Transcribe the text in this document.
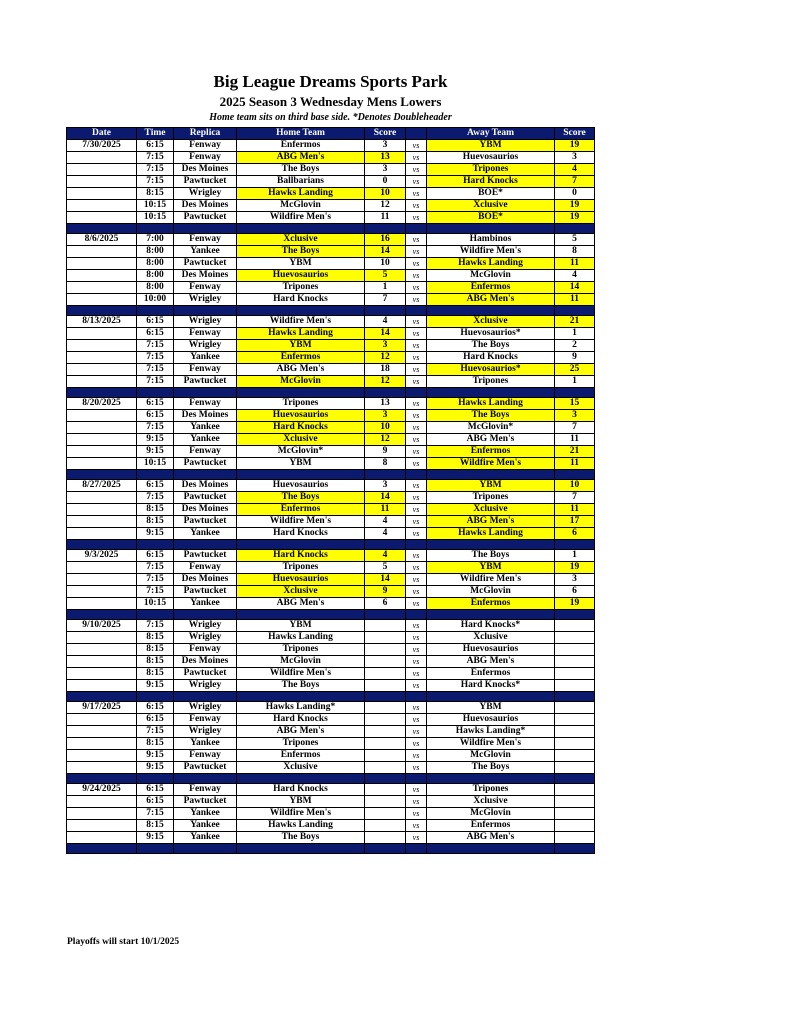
Big League Dreams Sports Park
2025 Season 3 Wednesday Mens Lowers
Home team sits on third base side. *Denotes Doubleheader
Date	Time	Replica	Home Team	Score		Away Team	Score
7/30/2025	6:15	Fenway	Enfermos	3	vs	YBM	19
	7:15	Fenway	ABG Men's	13	vs	Huevosaurios	3
	7:15	Des Moines	The Boys	3	vs	Tripones	4
	7:15	Pawtucket	Ballbarians	0	vs	Hard Knocks	7
	8:15	Wrigley	Hawks Landing	10	vs	BOE*	0
	10:15	Des Moines	McGlovin	12	vs	Xclusive	19
	10:15	Pawtucket	Wildfire Men's	11	vs	BOE*	19

8/6/2025	7:00	Fenway	Xclusive	16	vs	Hambinos	5
	8:00	Yankee	The Boys	14	vs	Wildfire Men's	8
	8:00	Pawtucket	YBM	10	vs	Hawks Landing	11
	8:00	Des Moines	Huevosaurios	5	vs	McGlovin	4
	8:00	Fenway	Tripones	1	vs	Enfermos	14
	10:00	Wrigley	Hard Knocks	7	vs	ABG Men's	11

8/13/2025	6:15	Wrigley	Wildfire Men's	4	vs	Xclusive	21
	6:15	Fenway	Hawks Landing	14	vs	Huevosaurios*	1
	7:15	Wrigley	YBM	3	vs	The Boys	2
	7:15	Yankee	Enfermos	12	vs	Hard Knocks	9
	7:15	Fenway	ABG Men's	18	vs	Huevosaurios*	25
	7:15	Pawtucket	McGlovin	12	vs	Tripones	1

8/20/2025	6:15	Fenway	Tripones	13	vs	Hawks Landing	15
	6:15	Des Moines	Huevosaurios	3	vs	The Boys	3
	7:15	Yankee	Hard Knocks	10	vs	McGlovin*	7
	9:15	Yankee	Xclusive	12	vs	ABG Men's	11
	9:15	Fenway	McGlovin*	9	vs	Enfermos	21
	10:15	Pawtucket	YBM	8	vs	Wildfire Men's	11

8/27/2025	6:15	Des Moines	Huevosaurios	3	vs	YBM	10
	7:15	Pawtucket	The Boys	14	vs	Tripones	7
	8:15	Des Moines	Enfermos	11	vs	Xclusive	11
	8:15	Pawtucket	Wildfire Men's	4	vs	ABG Men's	17
	9:15	Yankee	Hard Knocks	4	vs	Hawks Landing	6

9/3/2025	6:15	Pawtucket	Hard Knocks	4	vs	The Boys	1
	7:15	Fenway	Tripones	5	vs	YBM	19
	7:15	Des Moines	Huevosaurios	14	vs	Wildfire Men's	3
	7:15	Pawtucket	Xclusive	9	vs	McGlovin	6
	10:15	Yankee	ABG Men's	6	vs	Enfermos	19

9/10/2025	7:15	Wrigley	YBM		vs	Hard Knocks*	
	8:15	Wrigley	Hawks Landing		vs	Xclusive	
	8:15	Fenway	Tripones		vs	Huevosaurios	
	8:15	Des Moines	McGlovin		vs	ABG Men's	
	8:15	Pawtucket	Wildfire Men's		vs	Enfermos	
	9:15	Wrigley	The Boys		vs	Hard Knocks*	

9/17/2025	6:15	Wrigley	Hawks Landing*		vs	YBM	
	6:15	Fenway	Hard Knocks		vs	Huevosaurios	
	7:15	Wrigley	ABG Men's		vs	Hawks Landing*	
	8:15	Yankee	Tripones		vs	Wildfire Men's	
	9:15	Fenway	Enfermos		vs	McGlovin	
	9:15	Pawtucket	Xclusive		vs	The Boys	

9/24/2025	6:15	Fenway	Hard Knocks		vs	Tripones	
	6:15	Pawtucket	YBM		vs	Xclusive	
	7:15	Yankee	Wildfire Men's		vs	McGlovin	
	8:15	Yankee	Hawks Landing		vs	Enfermos	
	9:15	Yankee	The Boys		vs	ABG Men's	

Playoffs will start 10/1/2025
